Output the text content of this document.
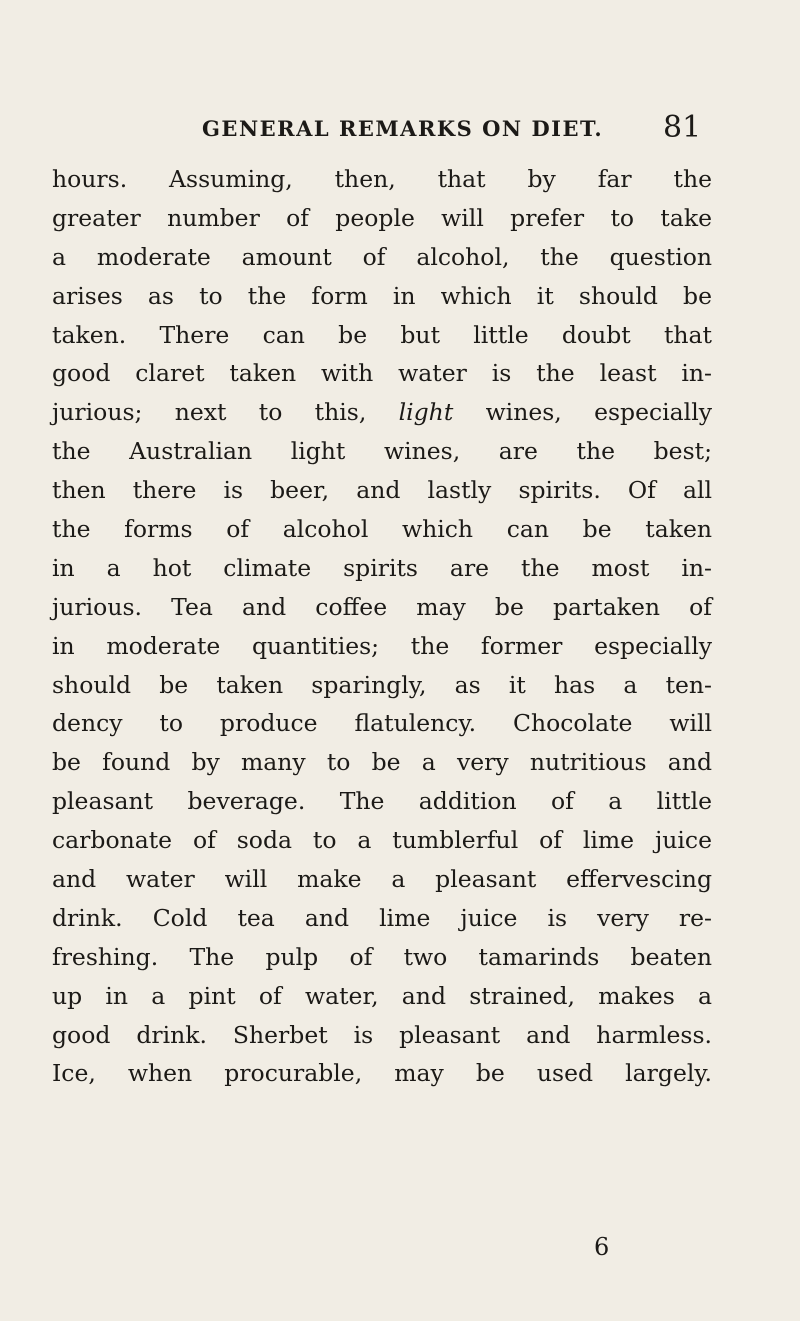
GENERAL REMARKS ON DIET. 81
hours. Assuming, then, that by far the
greater number of people will prefer to take
a moderate amount of alcohol, the question
arises as to the form in which it should be
taken. There can be but little doubt that
good claret taken with water is the least in-
jurious; next to this, light wines, especially
the Australian light wines, are the best;
then there is beer, and lastly spirits. Of all
the forms of alcohol which can be taken
in a hot climate spirits are the most in-
jurious. Tea and coffee may be partaken of
in moderate quantities; the former especially
should be taken sparingly, as it has a ten-
dency to produce flatulency. Chocolate will
be found by many to be a very nutritious and
pleasant beverage. The addition of a little
carbonate of soda to a tumblerful of lime juice
and water will make a pleasant effervescing
drink. Cold tea and lime juice is very re-
freshing. The pulp of two tamarinds beaten
up in a pint of water, and strained, makes a
good drink. Sherbet is pleasant and harmless.
Ice, when procurable, may be used largely.
6
